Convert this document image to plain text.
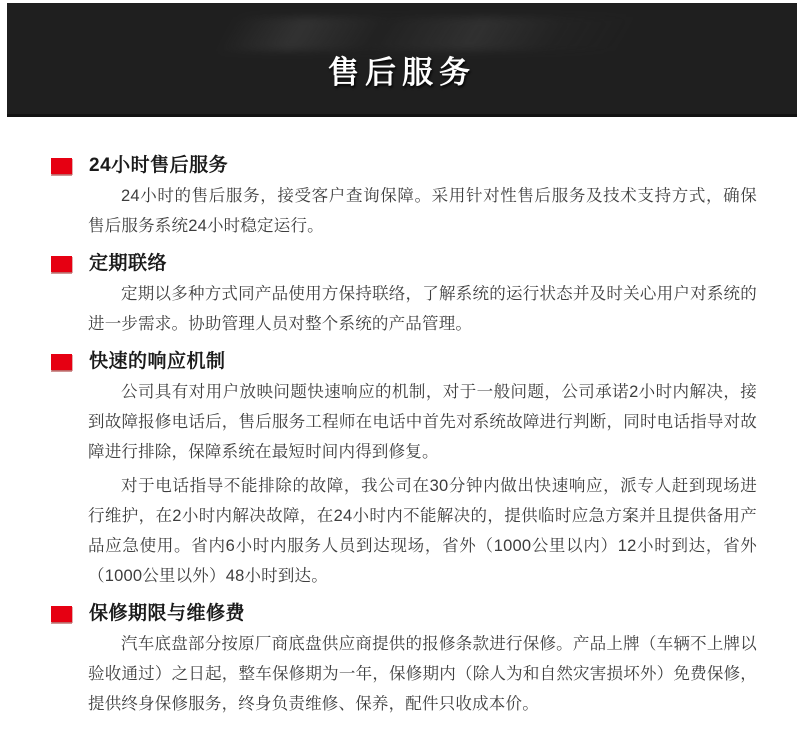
售后服务
24小时售后服务

24小时的售后服务，接受客户查询保障。采用针对性售后服务及技术支持方式，确保售后服务系统24小时稳定运行。

定期联络

定期以多种方式同产品使用方保持联络，了解系统的运行状态并及时关心用户对系统的进一步需求。协助管理人员对整个系统的产品管理。

快速的响应机制

公司具有对用户放映问题快速响应的机制，对于一般问题，公司承诺2小时内解决，接到故障报修电话后，售后服务工程师在电话中首先对系统故障进行判断，同时电话指导对故障进行排除，保障系统在最短时间内得到修复。

对于电话指导不能排除的故障，我公司在30分钟内做出快速响应，派专人赶到现场进行维护，在2小时内解决故障，在24小时内不能解决的，提供临时应急方案并且提供备用产品应急使用。省内6小时内服务人员到达现场，省外（1000公里以内）12小时到达，省外（1000公里以外）48小时到达。

保修期限与维修费

汽车底盘部分按原厂商底盘供应商提供的报修条款进行保修。产品上牌（车辆不上牌以验收通过）之日起，整车保修期为一年，保修期内（除人为和自然灾害损坏外）免费保修，提供终身保修服务，终身负责维修、保养，配件只收成本价。
